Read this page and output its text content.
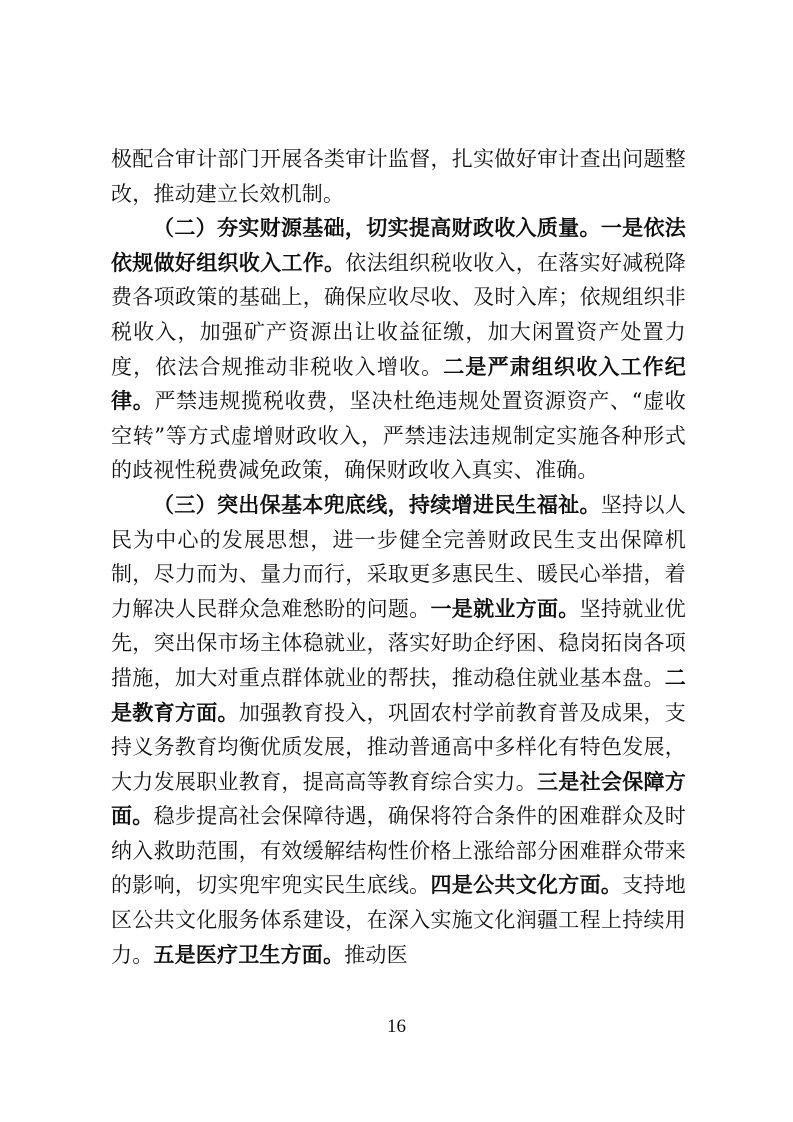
极配合审计部门开展各类审计监督，扎实做好审计查出问题整改，推动建立长效机制。

（二）夯实财源基础，切实提高财政收入质量。一是依法依规做好组织收入工作。依法组织税收收入，在落实好减税降费各项政策的基础上，确保应收尽收、及时入库；依规组织非税收入，加强矿产资源出让收益征缴，加大闲置资产处置力度，依法合规推动非税收入增收。二是严肃组织收入工作纪律。严禁违规揽税收费，坚决杜绝违规处置资源资产、“虚收空转”等方式虚增财政收入，严禁违法违规制定实施各种形式的歧视性税费减免政策，确保财政收入真实、准确。

（三）突出保基本兜底线，持续增进民生福祉。坚持以人民为中心的发展思想，进一步健全完善财政民生支出保障机制，尽力而为、量力而行，采取更多惠民生、暖民心举措，着力解决人民群众急难愁盼的问题。一是就业方面。坚持就业优先，突出保市场主体稳就业，落实好助企纾困、稳岗拓岗各项措施，加大对重点群体就业的帮扶，推动稳住就业基本盘。二是教育方面。加强教育投入，巩固农村学前教育普及成果，支持义务教育均衡优质发展，推动普通高中多样化有特色发展，大力发展职业教育，提高高等教育综合实力。三是社会保障方面。稳步提高社会保障待遇，确保将符合条件的困难群众及时纳入救助范围，有效缓解结构性价格上涨给部分困难群众带来的影响，切实兜牢兜实民生底线。四是公共文化方面。支持地区公共文化服务体系建设，在深入实施文化润疆工程上持续用力。五是医疗卫生方面。推动医

16
